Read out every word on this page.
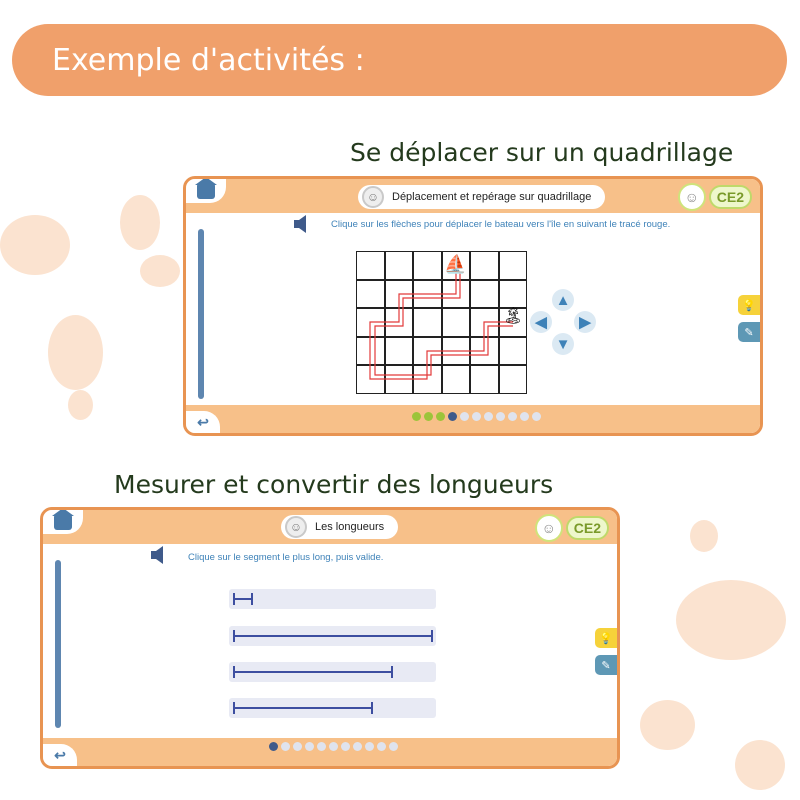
Exemple d'activités :
Se déplacer sur un quadrillage
☺	Déplacement et repérage sur quadrillage	☺	CE2
Clique sur les flèches pour déplacer le bateau vers l'île en suivant le tracé rouge.
⛵
🏝
▲
◀	▶
▼
💡
✎
↩
Mesurer et convertir des longueurs
☺	Les longueurs	☺	CE2
Clique sur le segment le plus long, puis valide.
💡
✎
↩
